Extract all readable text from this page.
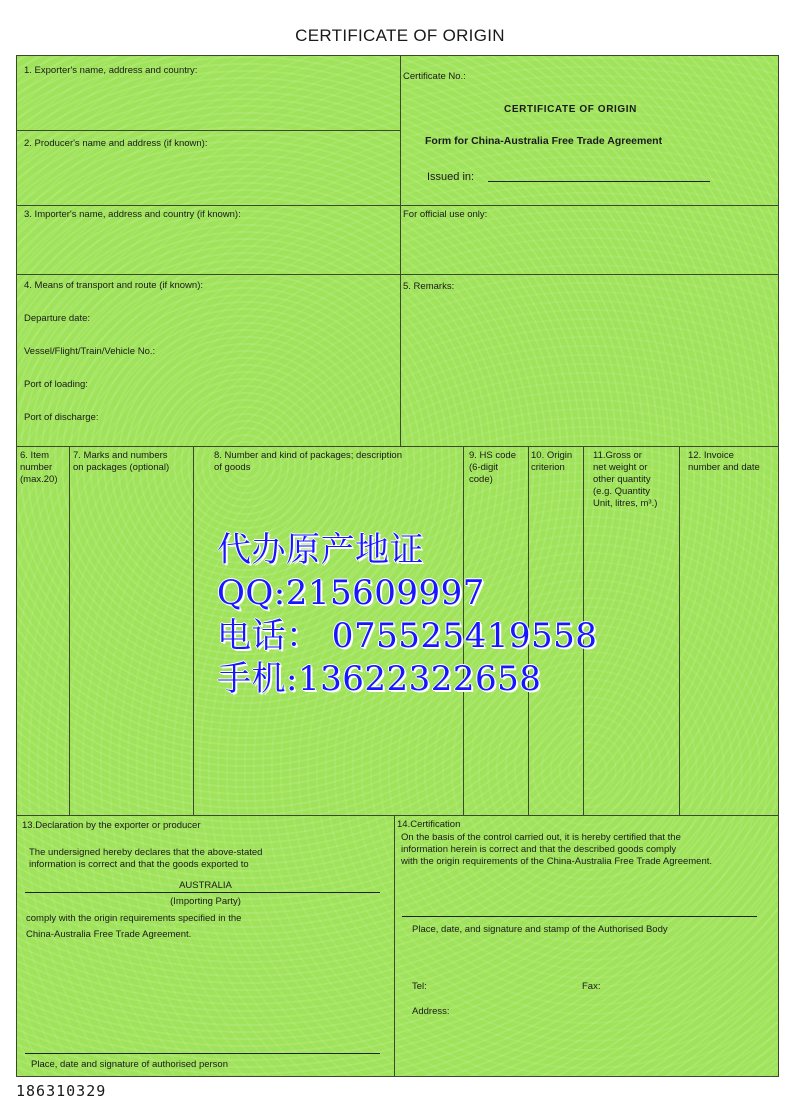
CERTIFICATE OF ORIGIN
1. Exporter's name, address and country:
2. Producer's name and address (if known):
3. Importer's name, address and country (if known):
4. Means of transport and route (if known):
Departure date:
Vessel/Flight/Train/Vehicle No.:
Port of loading:
Port of discharge:
Certificate No.:
CERTIFICATE OF ORIGIN
Form for China-Australia Free Trade Agreement
Issued in:
For official use only:
5. Remarks:
6. Item
number
(max.20)
7. Marks and numbers
on packages (optional)
8. Number and kind of packages; description
of goods
9. HS code
(6-digit
code)
10. Origin
criterion
11.Gross or
net weight or
other quantity
(e.g. Quantity
Unit, litres, m³.)
12. Invoice
number and date
13.Declaration by the exporter or producer
The undersigned hereby declares that the above-stated
information is correct and that the goods exported to
AUSTRALIA
(Importing Party)
comply with the origin requirements specified in the
China-Australia Free Trade Agreement.
Place, date and signature of authorised person
14.Certification
On the basis of the control carried out, it is hereby certified that the
information herein is correct and that the described goods comply
with the origin requirements of the China-Australia Free Trade Agreement.
Place, date, and signature and stamp of the Authorised Body
Tel:	Fax:
Address:
代办原产地证
QQ:215609997
电话： 07552541955​8
手机:13622322658
186310329
